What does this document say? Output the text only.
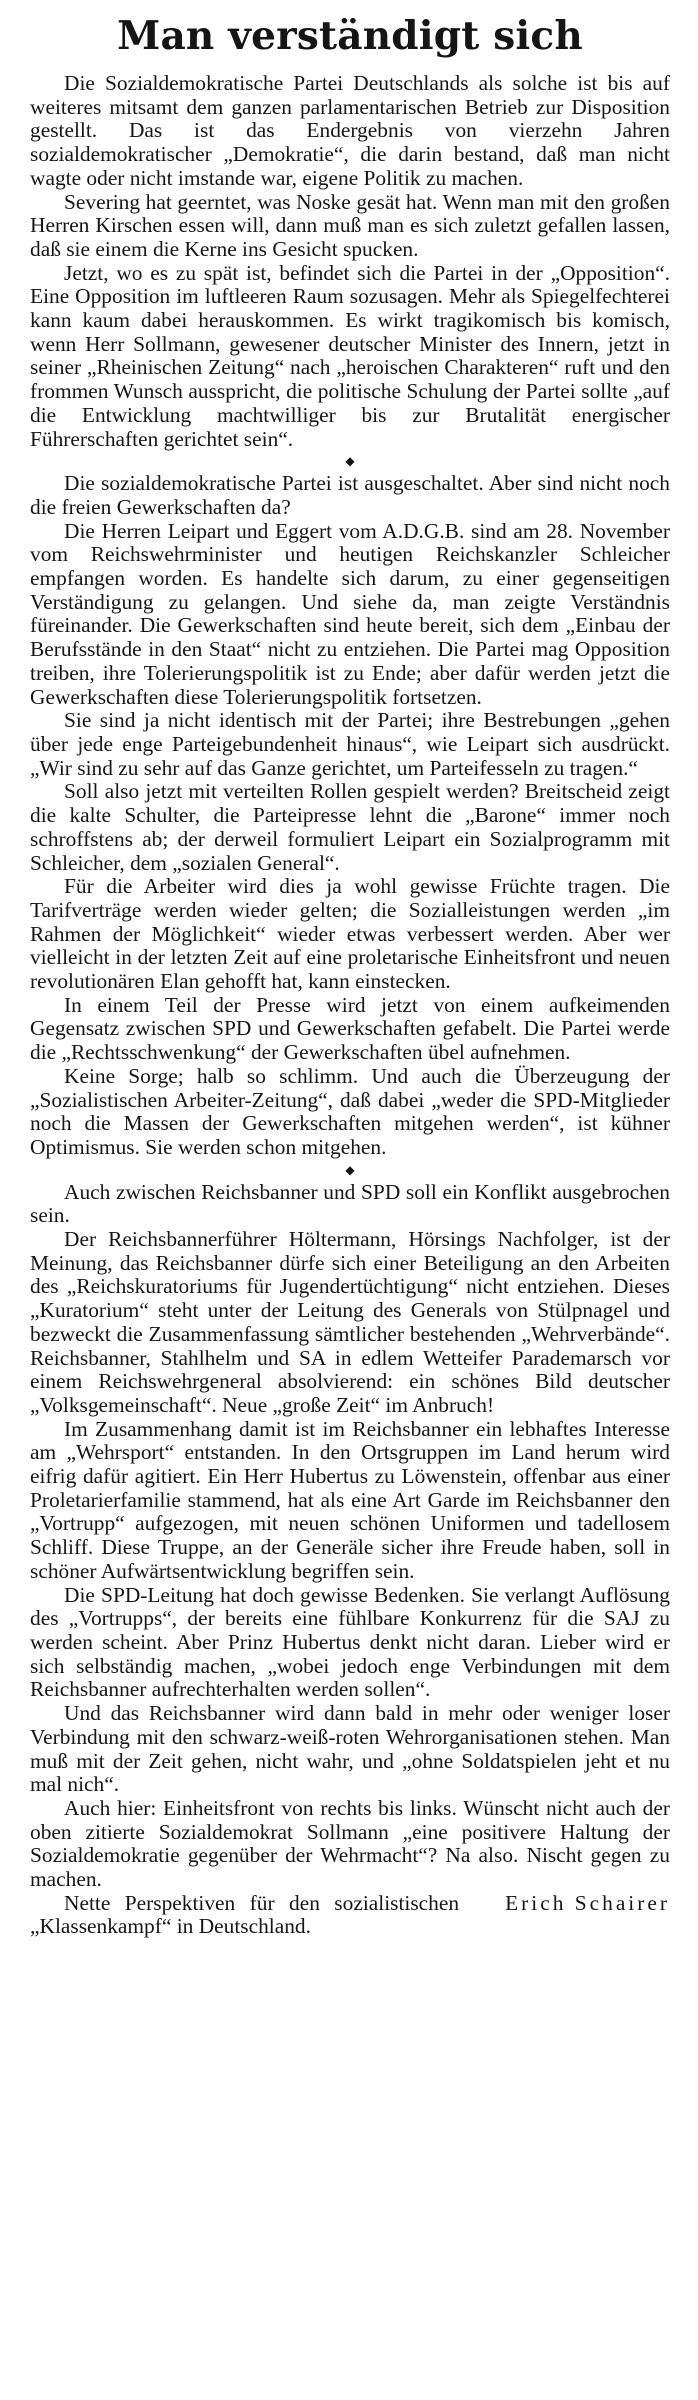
Man verständigt sich

Die Sozialdemokratische Partei Deutschlands als solche ist bis auf weiteres mitsamt dem ganzen parlamentarischen Betrieb zur Disposition gestellt. Das ist das Endergebnis von vierzehn Jahren sozialdemokratischer „Demokratie“, die darin bestand, daß man nicht wagte oder nicht imstande war, eigene Politik zu machen.

Severing hat geerntet, was Noske gesät hat. Wenn man mit den großen Herren Kirschen essen will, dann muß man es sich zuletzt gefallen lassen, daß sie einem die Kerne ins Gesicht spucken.

Jetzt, wo es zu spät ist, befindet sich die Partei in der „Opposition“. Eine Opposition im luftleeren Raum sozusagen. Mehr als Spiegelfechterei kann kaum dabei herauskommen. Es wirkt tragikomisch bis komisch, wenn Herr Sollmann, gewesener deutscher Minister des Innern, jetzt in seiner „Rheinischen Zeitung“ nach „heroischen Charakteren“ ruft und den frommen Wunsch ausspricht, die politische Schulung der Partei sollte „auf die Entwicklung machtwilliger bis zur Brutalität energischer Führerschaften gerichtet sein“.

◆

Die sozialdemokratische Partei ist ausgeschaltet. Aber sind nicht noch die freien Gewerkschaften da?

Die Herren Leipart und Eggert vom A.D.G.B. sind am 28. November vom Reichswehrminister und heutigen Reichskanzler Schleicher empfangen worden. Es handelte sich darum, zu einer gegenseitigen Verständigung zu gelangen. Und siehe da, man zeigte Verständnis füreinander. Die Gewerkschaften sind heute bereit, sich dem „Einbau der Berufsstände in den Staat“ nicht zu entziehen. Die Partei mag Opposition treiben, ihre Tolerierungspolitik ist zu Ende; aber dafür werden jetzt die Gewerkschaften diese Tolerierungspolitik fortsetzen.

Sie sind ja nicht identisch mit der Partei; ihre Bestrebungen „gehen über jede enge Parteigebundenheit hinaus“, wie Leipart sich ausdrückt. „Wir sind zu sehr auf das Ganze gerichtet, um Parteifesseln zu tragen.“

Soll also jetzt mit verteilten Rollen gespielt werden? Breitscheid zeigt die kalte Schulter, die Parteipresse lehnt die „Barone“ immer noch schroffstens ab; der derweil formuliert Leipart ein Sozialprogramm mit Schleicher, dem „sozialen General“.

Für die Arbeiter wird dies ja wohl gewisse Früchte tragen. Die Tarifverträge werden wieder gelten; die Sozialleistungen werden „im Rahmen der Möglichkeit“ wieder etwas verbessert werden. Aber wer vielleicht in der letzten Zeit auf eine proletarische Einheitsfront und neuen revolutionären Elan gehofft hat, kann einstecken.

In einem Teil der Presse wird jetzt von einem aufkeimenden Gegensatz zwischen SPD und Gewerkschaften gefabelt. Die Partei werde die „Rechtsschwenkung“ der Gewerkschaften übel aufnehmen.

Keine Sorge; halb so schlimm. Und auch die Überzeugung der „Sozialistischen Arbeiter-Zeitung“, daß dabei „weder die SPD-Mitglieder noch die Massen der Gewerkschaften mitgehen werden“, ist kühner Optimismus. Sie werden schon mitgehen.

◆

Auch zwischen Reichsbanner und SPD soll ein Konflikt ausgebrochen sein.

Der Reichsbannerführer Höltermann, Hörsings Nachfolger, ist der Meinung, das Reichsbanner dürfe sich einer Beteiligung an den Arbeiten des „Reichskuratoriums für Jugendertüchtigung“ nicht entziehen. Dieses „Kuratorium“ steht unter der Leitung des Generals von Stülpnagel und bezweckt die Zusammenfassung sämtlicher bestehenden „Wehrverbände“. Reichsbanner, Stahlhelm und SA in edlem Wetteifer Parademarsch vor einem Reichswehrgeneral absolvierend: ein schönes Bild deutscher „Volksgemeinschaft“. Neue „große Zeit“ im Anbruch!

Im Zusammenhang damit ist im Reichsbanner ein lebhaftes Interesse am „Wehrsport“ entstanden. In den Ortsgruppen im Land herum wird eifrig dafür agitiert. Ein Herr Hubertus zu Löwenstein, offenbar aus einer Proletarierfamilie stammend, hat als eine Art Garde im Reichsbanner den „Vortrupp“ aufgezogen, mit neuen schönen Uniformen und tadellosem Schliff. Diese Truppe, an der Generäle sicher ihre Freude haben, soll in schöner Aufwärtsentwicklung begriffen sein.

Die SPD-Leitung hat doch gewisse Bedenken. Sie verlangt Auflösung des „Vortrupps“, der bereits eine fühlbare Konkurrenz für die SAJ zu werden scheint. Aber Prinz Hubertus denkt nicht daran. Lieber wird er sich selbständig machen, „wobei jedoch enge Verbindungen mit dem Reichsbanner aufrechterhalten werden sollen“.

Und das Reichsbanner wird dann bald in mehr oder weniger loser Verbindung mit den schwarz-weiß-roten Wehrorganisationen stehen. Man muß mit der Zeit gehen, nicht wahr, und „ohne Soldatspielen jeht et nu mal nich“.

Auch hier: Einheitsfront von rechts bis links. Wünscht nicht auch der oben zitierte Sozialdemokrat Sollmann „eine positivere Haltung der Sozialdemokratie gegenüber der Wehrmacht“? Na also. Nischt gegen zu machen.

Erich Schairer
Nette Perspektiven für den sozialistischen „Klassenkampf“ in Deutschland.
